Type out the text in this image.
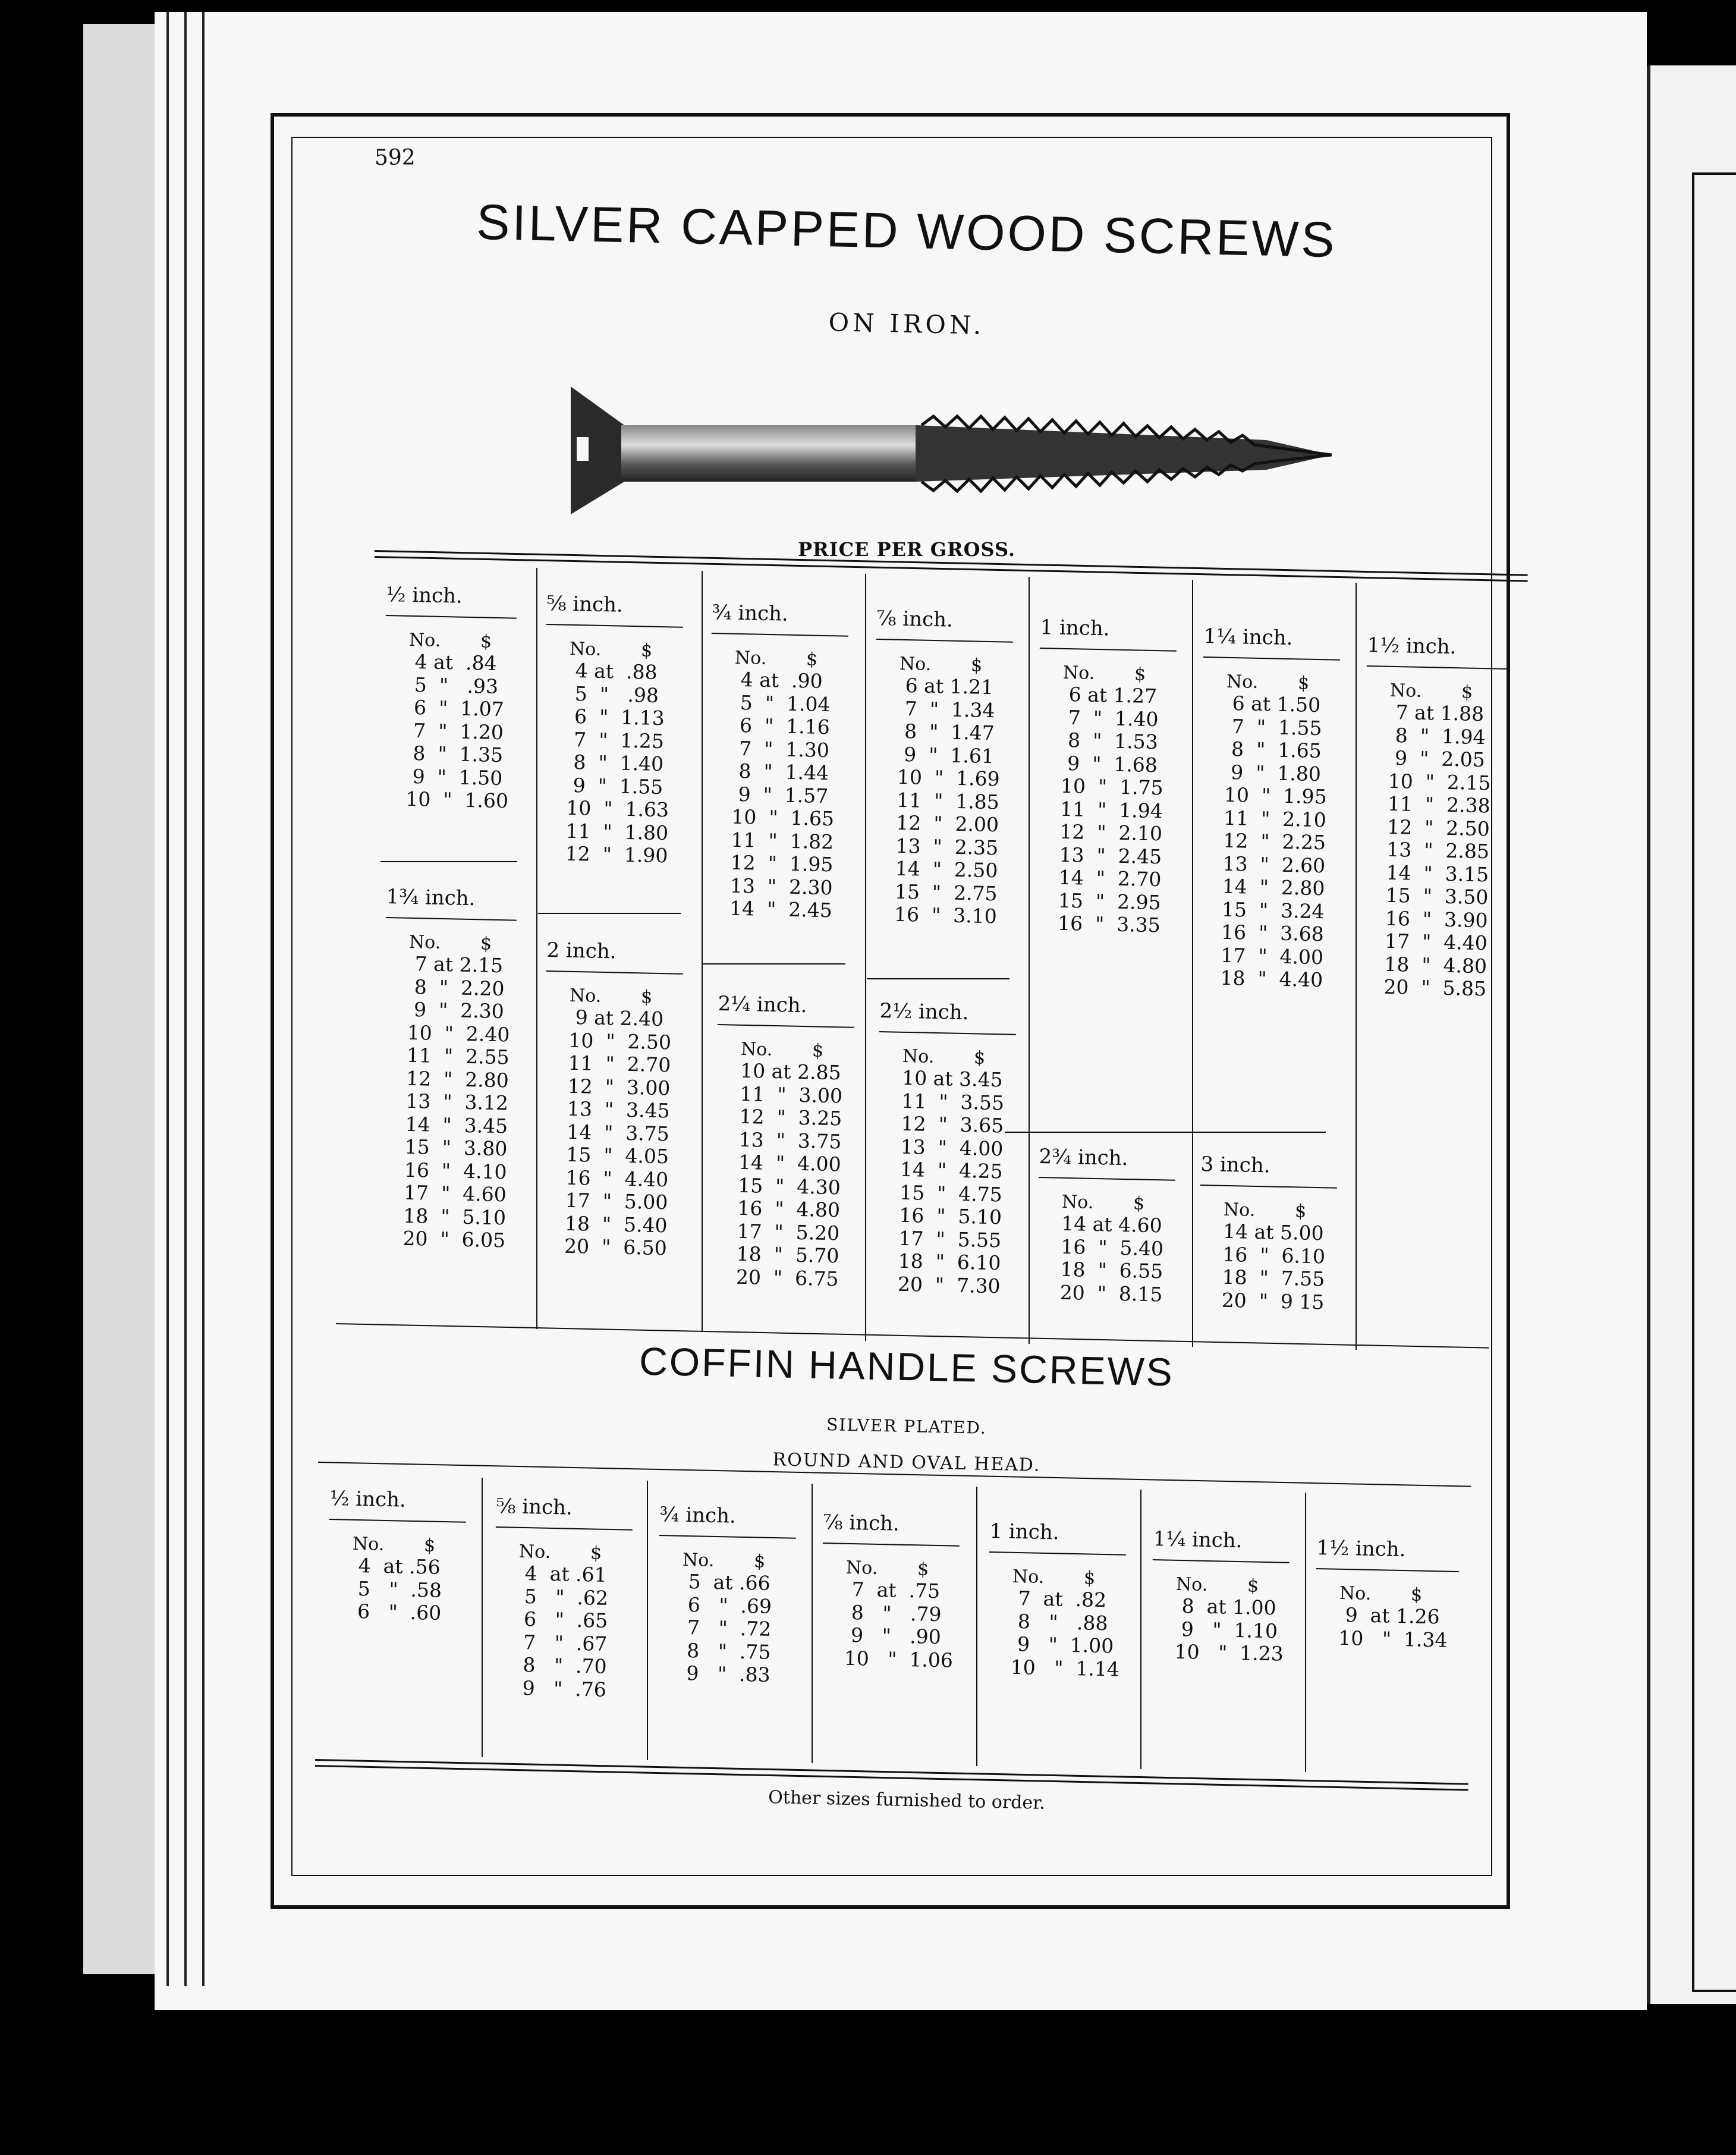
592
SILVER CAPPED WOOD SCREWS
ON IRON.
PRICE PER GROSS.
½ inch.
No.       $
4 at  .84
5  "   .93
6  "  1.07
7  "  1.20
8  "  1.35
9  "  1.50
10  "  1.60
⅝ inch.
No.       $
4 at  .88
5  "   .98
6  "  1.13
7  "  1.25
8  "  1.40
9  "  1.55
10  "  1.63
11  "  1.80
12  "  1.90
¾ inch.
No.       $
4 at  .90
5  "  1.04
6  "  1.16
7  "  1.30
8  "  1.44
9  "  1.57
10  "  1.65
11  "  1.82
12  "  1.95
13  "  2.30
14  "  2.45
⅞ inch.
No.       $
6 at 1.21
7  "  1.34
8  "  1.47
9  "  1.61
10  "  1.69
11  "  1.85
12  "  2.00
13  "  2.35
14  "  2.50
15  "  2.75
16  "  3.10
1 inch.
No.       $
6 at 1.27
7  "  1.40
8  "  1.53
9  "  1.68
10  "  1.75
11  "  1.94
12  "  2.10
13  "  2.45
14  "  2.70
15  "  2.95
16  "  3.35
1¼ inch.
No.       $
6 at 1.50
7  "  1.55
8  "  1.65
9  "  1.80
10  "  1.95
11  "  2.10
12  "  2.25
13  "  2.60
14  "  2.80
15  "  3.24
16  "  3.68
17  "  4.00
18  "  4.40
1½ inch.
No.       $
7 at 1.88
8  "  1.94
9  "  2.05
10  "  2.15
11  "  2.38
12  "  2.50
13  "  2.85
14  "  3.15
15  "  3.50
16  "  3.90
17  "  4.40
18  "  4.80
20  "  5.85
1¾ inch.
No.       $
7 at 2.15
8  "  2.20
9  "  2.30
10  "  2.40
11  "  2.55
12  "  2.80
13  "  3.12
14  "  3.45
15  "  3.80
16  "  4.10
17  "  4.60
18  "  5.10
20  "  6.05
2 inch.
No.       $
9 at 2.40
10  "  2.50
11  "  2.70
12  "  3.00
13  "  3.45
14  "  3.75
15  "  4.05
16  "  4.40
17  "  5.00
18  "  5.40
20  "  6.50
2¼ inch.
No.       $
10 at 2.85
11  "  3.00
12  "  3.25
13  "  3.75
14  "  4.00
15  "  4.30
16  "  4.80
17  "  5.20
18  "  5.70
20  "  6.75
2½ inch.
No.       $
10 at 3.45
11  "  3.55
12  "  3.65
13  "  4.00
14  "  4.25
15  "  4.75
16  "  5.10
17  "  5.55
18  "  6.10
20  "  7.30
2¾ inch.
No.       $
14 at 4.60
16  "  5.40
18  "  6.55
20  "  8.15
3 inch.
No.       $
14 at 5.00
16  "  6.10
18  "  7.55
20  "  9 15
COFFIN HANDLE SCREWS
SILVER PLATED.
ROUND AND OVAL HEAD.
½ inch.
No.       $
4  at .56
5   "  .58
6   "  .60
⅝ inch.
No.       $
4  at .61
5   "  .62
6   "  .65
7   "  .67
8   "  .70
9   "  .76
¾ inch.
No.       $
5  at .66
6   "  .69
7   "  .72
8   "  .75
9   "  .83
⅞ inch.
No.       $
7  at  .75
8   "   .79
9   "   .90
10   "  1.06
1 inch.
No.       $
7  at  .82
8   "   .88
9   "  1.00
10   "  1.14
1¼ inch.
No.       $
8  at 1.00
9   "  1.10
10   "  1.23
1½ inch.
No.       $
9  at 1.26
10   "  1.34
Other sizes furnished to order.
